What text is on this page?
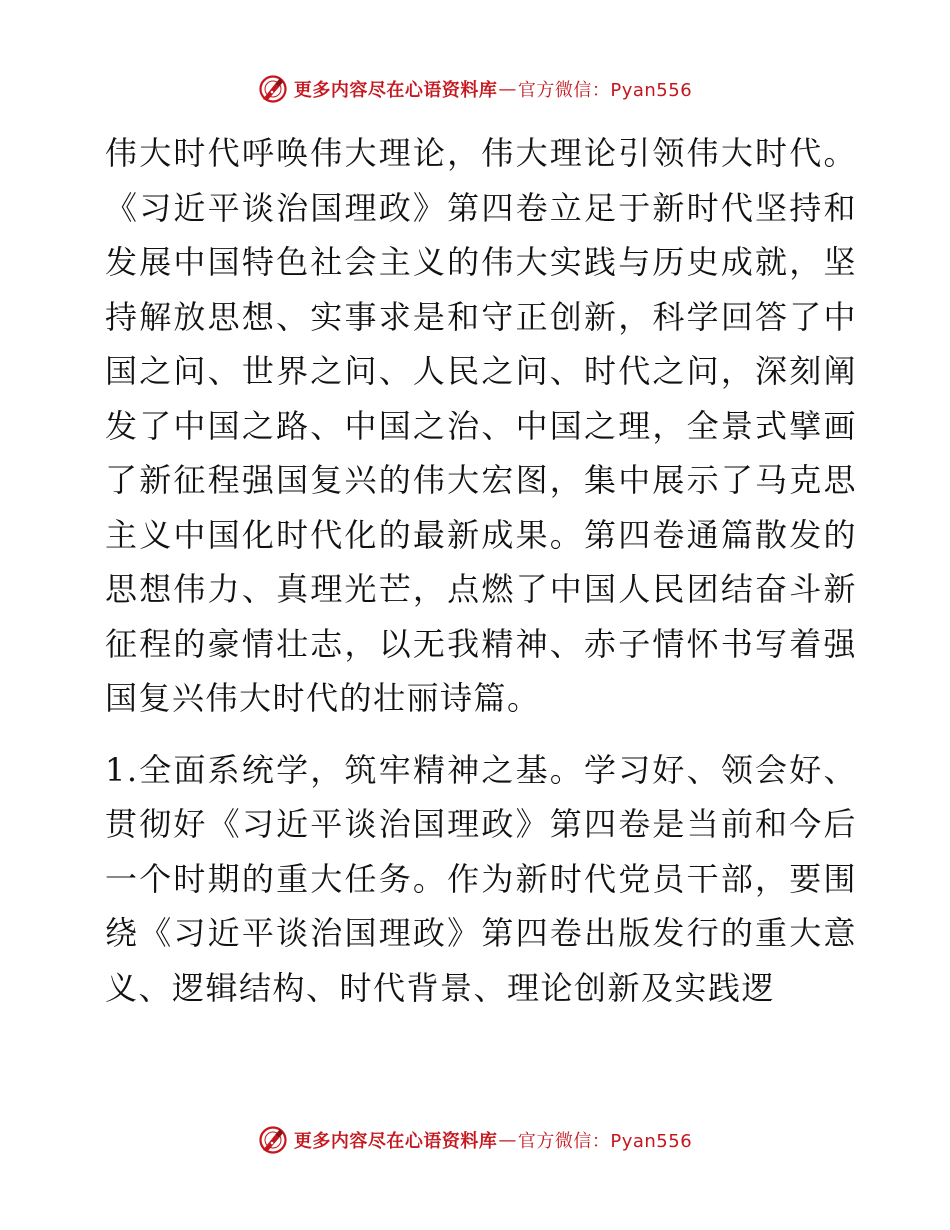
更多内容尽在心语资料库 — 官方微信：Pyan556

伟大时代呼唤伟大理论，伟大理论引领伟大时代。《习近平谈治国理政》第四卷立足于新时代坚持和发展中国特色社会主义的伟大实践与历史成就，坚持解放思想、实事求是和守正创新，科学回答了中国之问、世界之问、人民之问、时代之问，深刻阐发了中国之路、中国之治、中国之理，全景式擘画了新征程强国复兴的伟大宏图，集中展示了马克思主义中国化时代化的最新成果。第四卷通篇散发的思想伟力、真理光芒，点燃了中国人民团结奋斗新征程的豪情壮志，以无我精神、赤子情怀书写着强国复兴伟大时代的壮丽诗篇。

1.全面系统学，筑牢精神之基。学习好、领会好、贯彻好《习近平谈治国理政》第四卷是当前和今后一个时期的重大任务。作为新时代党员干部，要围绕《习近平谈治国理政》第四卷出版发行的重大意义、逻辑结构、时代背景、理论创新及实践逻

更多内容尽在心语资料库 — 官方微信：Pyan556
